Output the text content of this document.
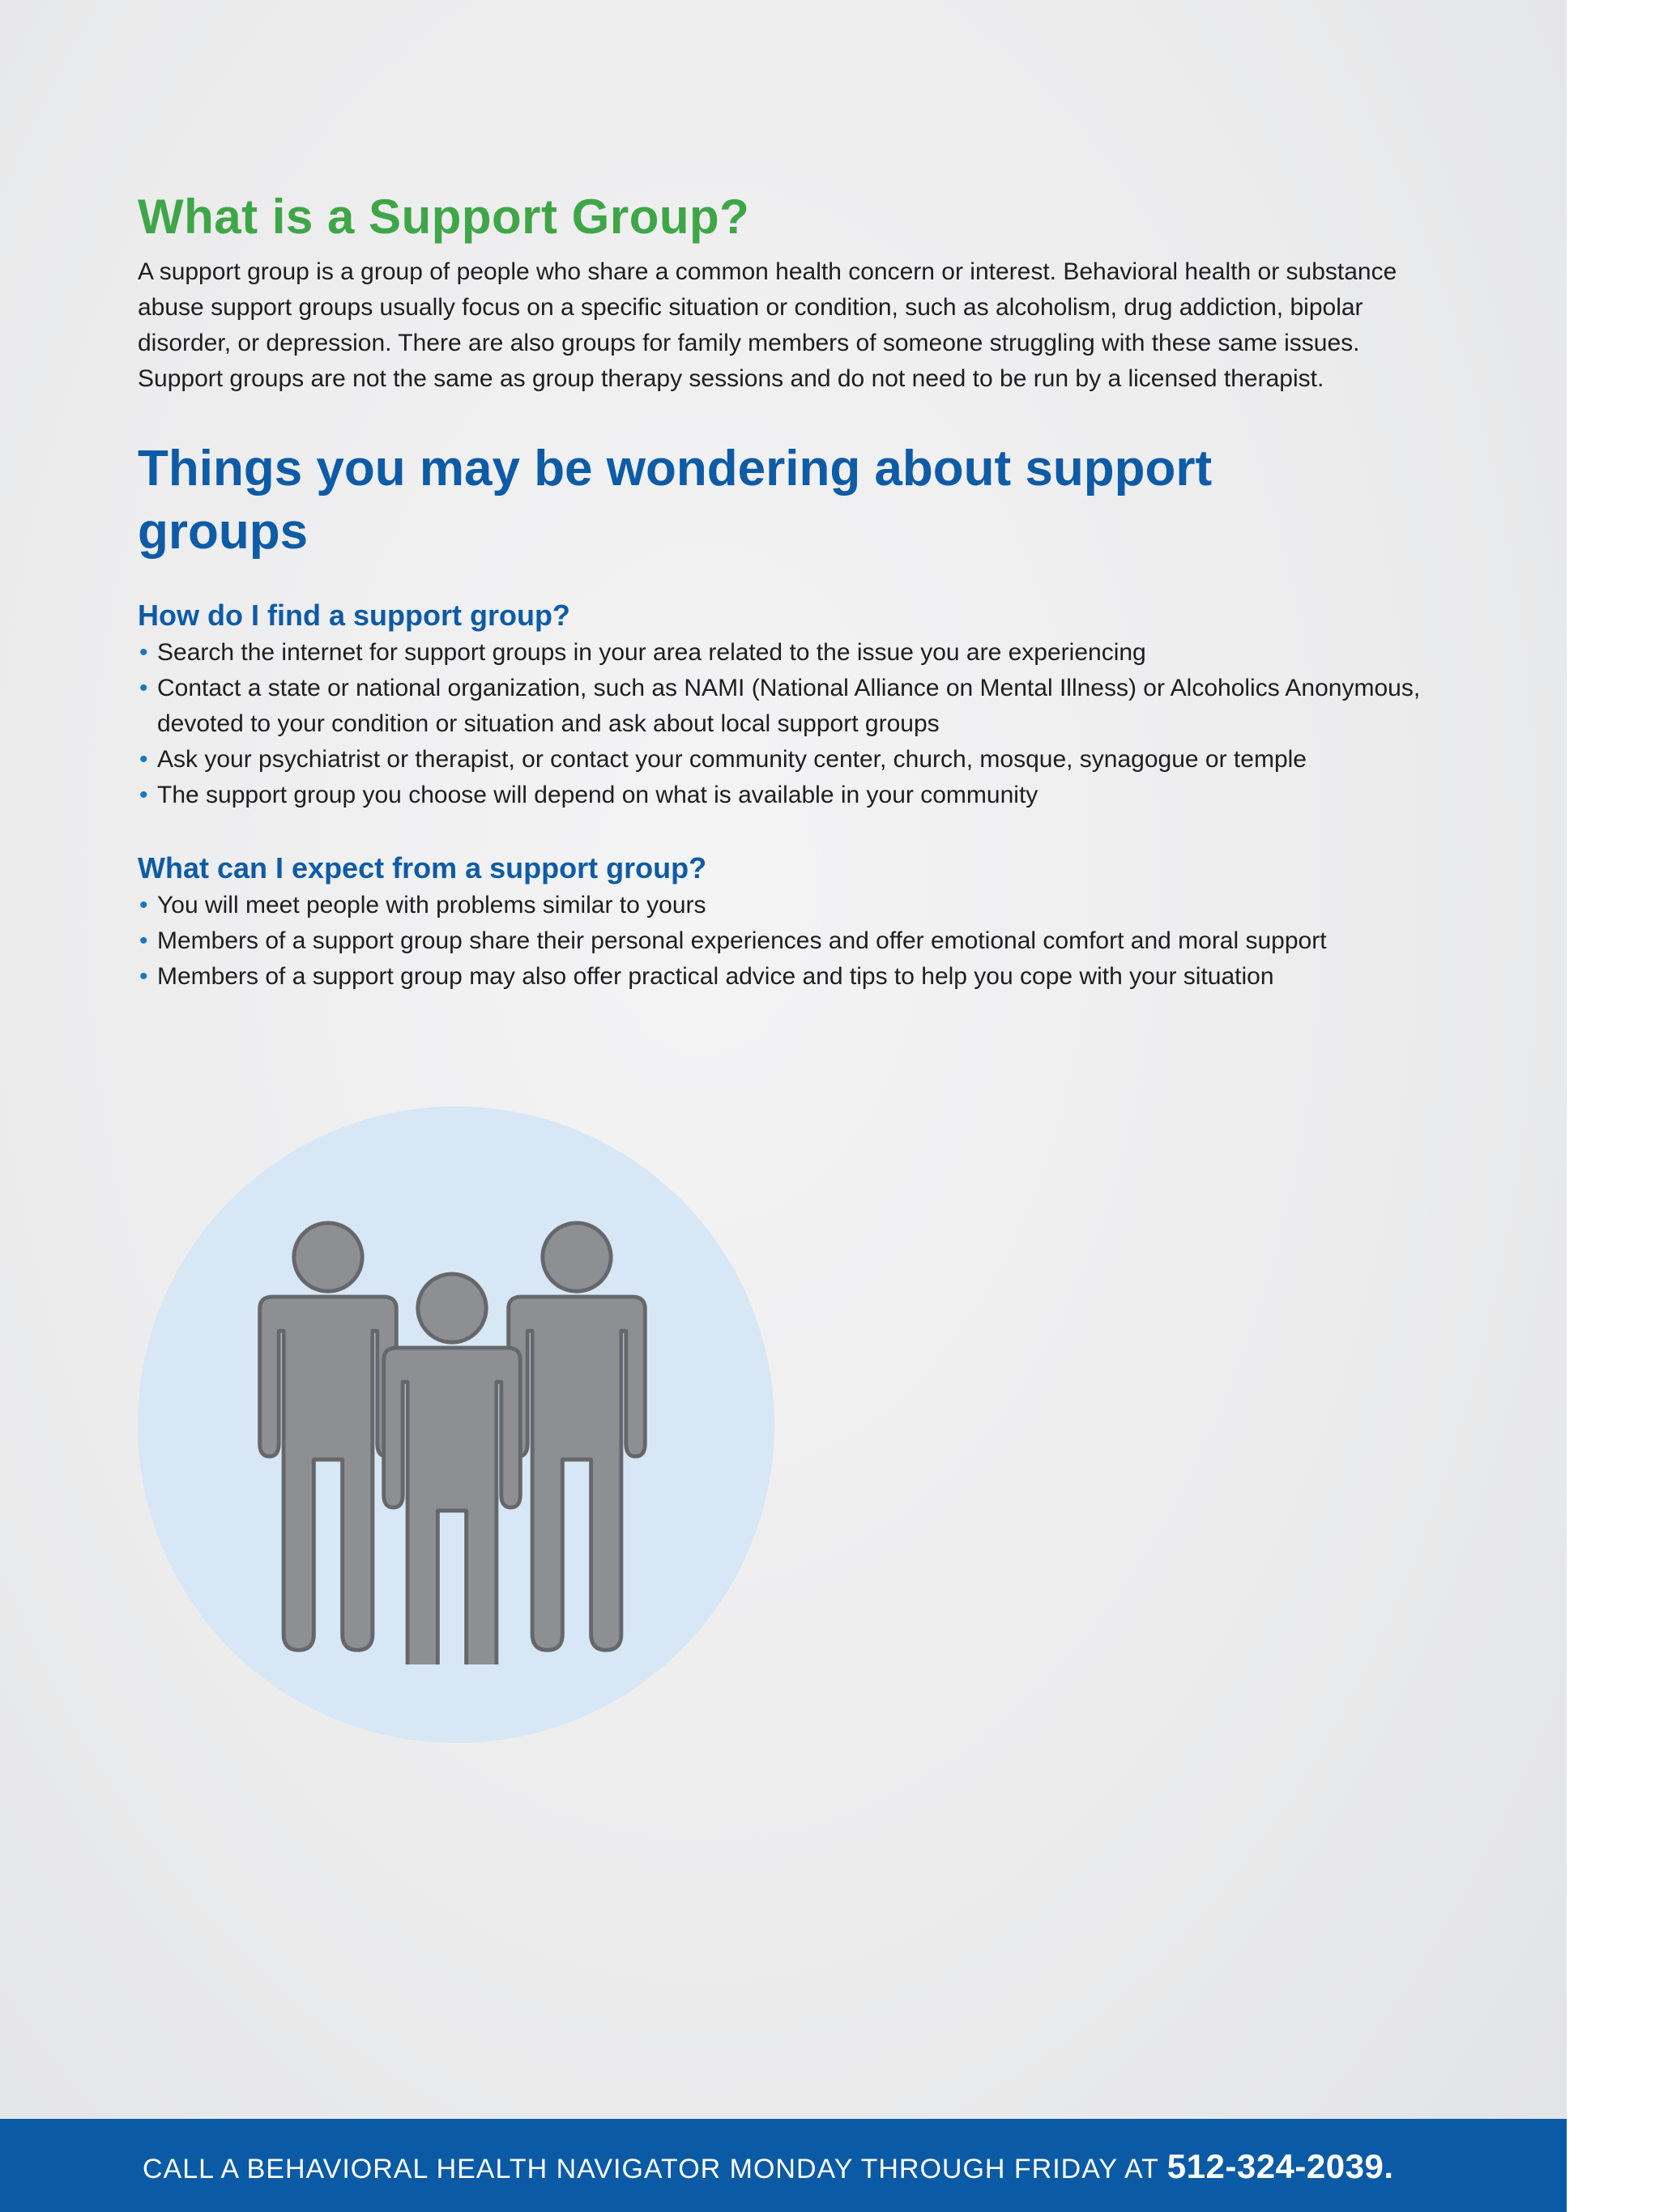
What is a Support Group?

A support group is a group of people who share a common health concern or interest. Behavioral health or substance abuse support groups usually focus on a specific situation or condition, such as alcoholism, drug addiction, bipolar disorder, or depression. There are also groups for family members of someone struggling with these same issues. Support groups are not the same as group therapy sessions and do not need to be run by a licensed therapist.

Things you may be wondering about support groups
How do I find a support group?
• Search the internet for support groups in your area related to the issue you are experiencing
• Contact a state or national organization, such as NAMI (National Alliance on Mental Illness) or Alcoholics Anonymous, devoted to your condition or situation and ask about local support groups
• Ask your psychiatrist or therapist, or contact your community center, church, mosque, synagogue or temple
• The support group you choose will depend on what is available in your community
What can I expect from a support group?
• You will meet people with problems similar to yours
• Members of a support group share their personal experiences and offer emotional comfort and moral support
• Members of a support group may also offer practical advice and tips to help you cope with your situation
CALL A BEHAVIORAL HEALTH NAVIGATOR MONDAY THROUGH FRIDAY AT 512-324-2039.
